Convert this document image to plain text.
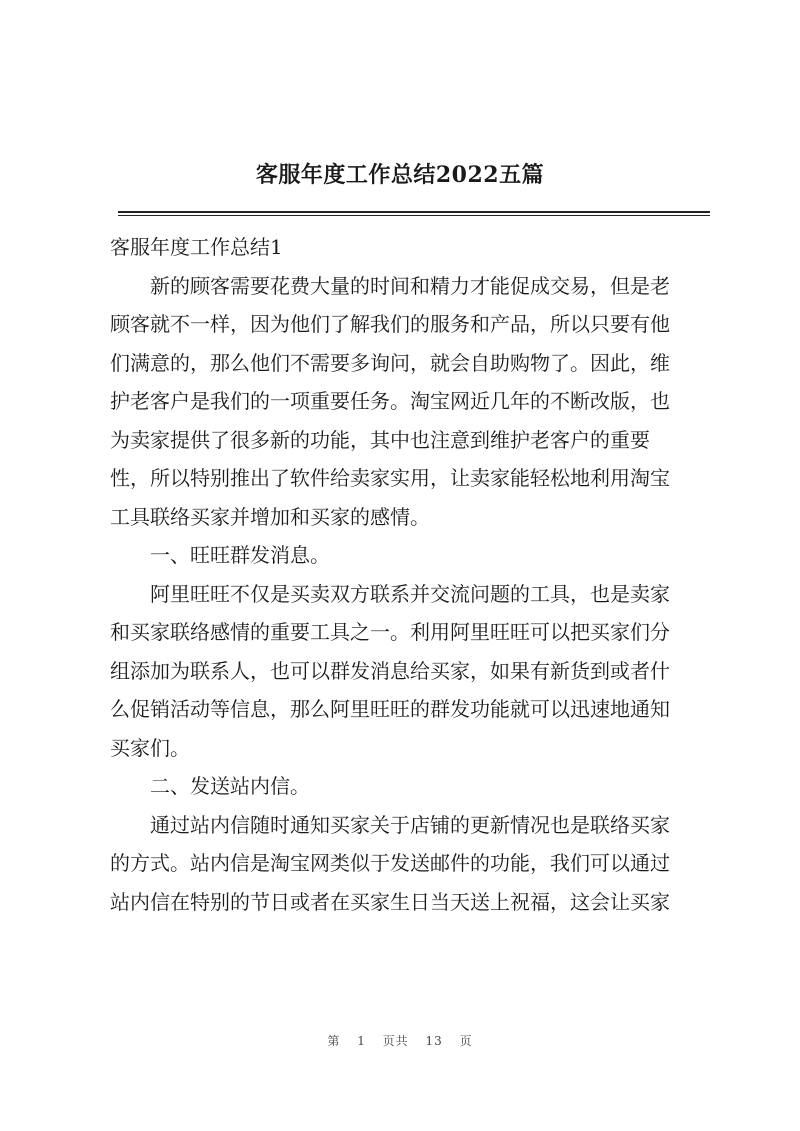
客服年度工作总结2022五篇
客服年度工作总结1
新的顾客需要花费大量的时间和精力才能促成交易，但是老
顾客就不一样，因为他们了解我们的服务和产品，所以只要有他
们满意的，那么他们不需要多询问，就会自助购物了。因此，维
护老客户是我们的一项重要任务。淘宝网近几年的不断改版，也
为卖家提供了很多新的功能，其中也注意到维护老客户的重要
性，所以特别推出了软件给卖家实用，让卖家能轻松地利用淘宝
工具联络买家并增加和买家的感情。
一、旺旺群发消息。
阿里旺旺不仅是买卖双方联系并交流问题的工具，也是卖家
和买家联络感情的重要工具之一。利用阿里旺旺可以把买家们分
组添加为联系人，也可以群发消息给买家，如果有新货到或者什
么促销活动等信息，那么阿里旺旺的群发功能就可以迅速地通知
买家们。
二、发送站内信。
通过站内信随时通知买家关于店铺的更新情况也是联络买家
的方式。站内信是淘宝网类似于发送邮件的功能，我们可以通过
站内信在特别的节日或者在买家生日当天送上祝福，这会让买家
第 1 页共 13 页
